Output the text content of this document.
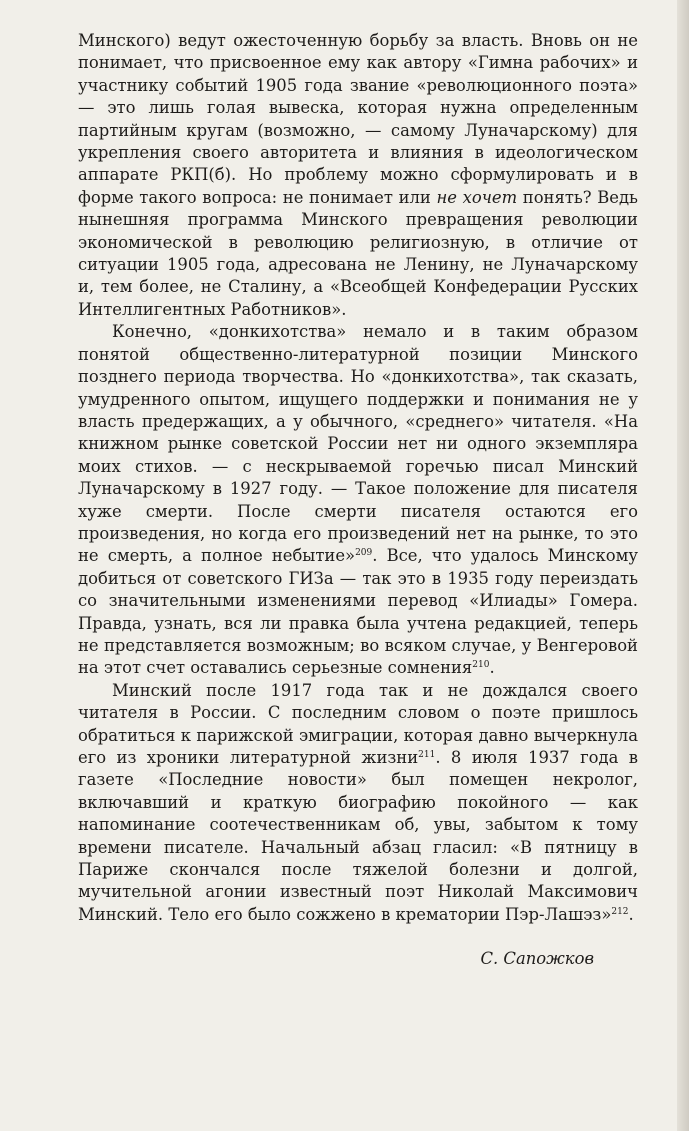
Минского) ведут ожесточенную борьбу за власть. Вновь он не понимает, что присвоенное ему как автору «Гимна рабочих» и участнику событий 1905 года звание «революционного поэта» — это лишь голая вывеска, которая нужна определенным партийным кругам (возможно, — самому Луначарскому) для укрепления своего авторитета и влияния в идеологическом аппарате РКП(б). Но проблему можно сформулировать и в форме такого вопроса: не понимает или не хочет понять? Ведь нынешняя программа Минского превращения революции экономической в революцию религиозную, в отличие от ситуации 1905 года, адресована не Ленину, не Луначарскому и, тем более, не Сталину, а «Всеобщей Конфедерации Русских Интеллигентных Работников».

Конечно, «донкихотства» немало и в таким образом понятой общественно-литературной позиции Минского позднего периода творчества. Но «донкихотства», так сказать, умудренного опытом, ищущего поддержки и понимания не у власть предержащих, а у обычного, «среднего» читателя. «На книжном рынке советской России нет ни одного экземпляра моих стихов. — с нескрываемой горечью писал Минский Луначарскому в 1927 году. — Такое положение для писателя хуже смерти. После смерти писателя остаются его произведения, но когда его произведений нет на рынке, то это не смерть, а полное небытие»$^{209}$. Все, что удалось Минскому добиться от советского ГИЗа — так это в 1935 году переиздать со значительными изменениями перевод «Илиады» Гомера. Правда, узнать, вся ли правка была учтена редакцией, теперь не представляется возможным; во всяком случае, у Венгеровой на этот счет оставались серьезные сомнения$^{210}$.

Минский после 1917 года так и не дождался своего читателя в России. С последним словом о поэте пришлось обратиться к парижской эмиграции, которая давно вычеркнула его из хроники литературной жизни$^{211}$. 8 июля 1937 года в газете «Последние новости» был помещен некролог, включавший и краткую биографию покойного — как напоминание соотечественникам об, увы, забытом к тому времени писателе. Начальный абзац гласил: «В пятницу в Париже скончался после тяжелой болезни и долгой, мучительной агонии известный поэт Николай Максимович Минский. Тело его было сожжено в крематории Пэр-Лашэз»$^{212}$.

С. Сапожков
